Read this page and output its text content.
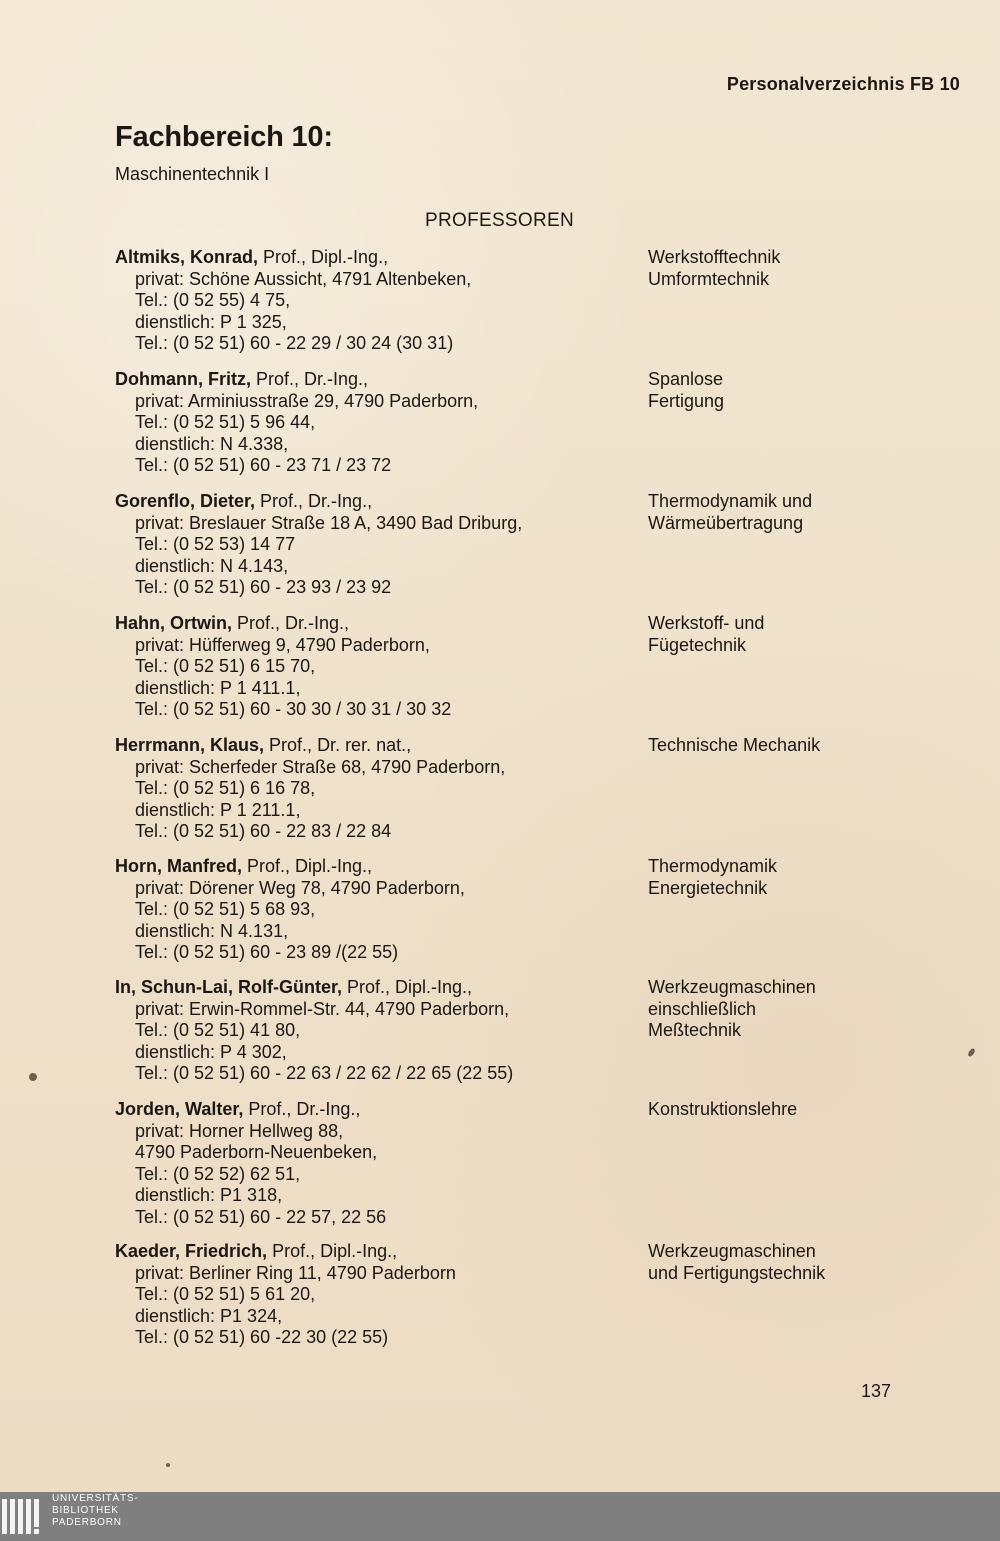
Personalverzeichnis FB 10
Fachbereich 10:
Maschinentechnik I
PROFESSOREN
Altmiks, Konrad, Prof., Dipl.-Ing.,
privat: Schöne Aussicht, 4791 Altenbeken,
Tel.: (0 52 55) 4 75,
dienstlich: P 1 325,
Tel.: (0 52 51) 60 - 22 29 / 30 24 (30 31)
Werkstofftechnik
Umformtechnik
Dohmann, Fritz, Prof., Dr.-Ing.,
privat: Arminiusstraße 29, 4790 Paderborn,
Tel.: (0 52 51) 5 96 44,
dienstlich: N 4.338,
Tel.: (0 52 51) 60 - 23 71 / 23 72
Spanlose
Fertigung
Gorenflo, Dieter, Prof., Dr.-Ing.,
privat: Breslauer Straße 18 A, 3490 Bad Driburg,
Tel.: (0 52 53) 14 77
dienstlich: N 4.143,
Tel.: (0 52 51) 60 - 23 93 / 23 92
Thermodynamik und
Wärmeübertragung
Hahn, Ortwin, Prof., Dr.-Ing.,
privat: Hüfferweg 9, 4790 Paderborn,
Tel.: (0 52 51) 6 15 70,
dienstlich: P 1 411.1,
Tel.: (0 52 51) 60 - 30 30 / 30 31 / 30 32
Werkstoff- und
Fügetechnik
Herrmann, Klaus, Prof., Dr. rer. nat.,
privat: Scherfeder Straße 68, 4790 Paderborn,
Tel.: (0 52 51) 6 16 78,
dienstlich: P 1 211.1,
Tel.: (0 52 51) 60 - 22 83 / 22 84
Technische Mechanik
Horn, Manfred, Prof., Dipl.-Ing.,
privat: Dörener Weg 78, 4790 Paderborn,
Tel.: (0 52 51) 5 68 93,
dienstlich: N 4.131,
Tel.: (0 52 51) 60 - 23 89 /(22 55)
Thermodynamik
Energietechnik
In, Schun-Lai, Rolf-Günter, Prof., Dipl.-Ing.,
privat: Erwin-Rommel-Str. 44, 4790 Paderborn,
Tel.: (0 52 51) 41 80,
dienstlich: P 4 302,
Tel.: (0 52 51) 60 - 22 63 / 22 62 / 22 65 (22 55)
Werkzeugmaschinen
einschließlich
Meßtechnik
Jorden, Walter, Prof., Dr.-Ing.,
privat: Horner Hellweg 88,
4790 Paderborn-Neuenbeken,
Tel.: (0 52 52) 62 51,
dienstlich: P1 318,
Tel.: (0 52 51) 60 - 22 57, 22 56
Konstruktionslehre
Kaeder, Friedrich, Prof., Dipl.-Ing.,
privat: Berliner Ring 11, 4790 Paderborn
Tel.: (0 52 51) 5 61 20,
dienstlich: P1 324,
Tel.: (0 52 51) 60 -22 30 (22 55)
Werkzeugmaschinen
und Fertigungstechnik
137
UNIVERSITÄTS-
BIBLIOTHEK
PADERBORN
